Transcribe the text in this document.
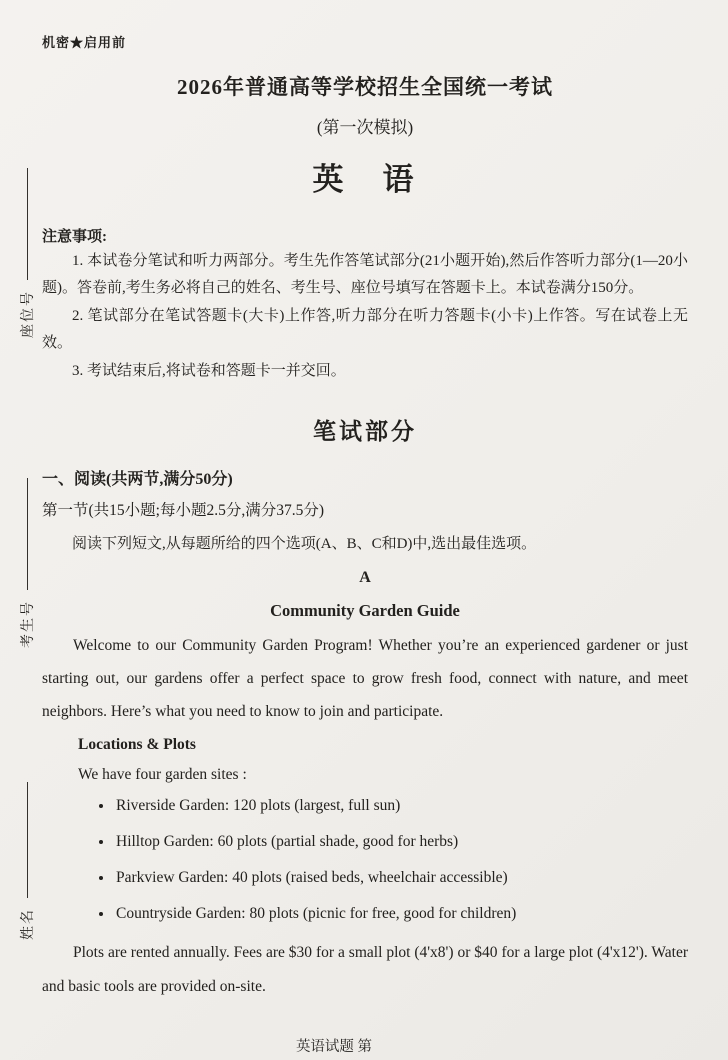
座位号
考生号
姓名
机密★启用前
2026年普通高等学校招生全国统一考试
(第一次模拟)
英　语
注意事项:

1. 本试卷分笔试和听力两部分。考生先作答笔试部分(21小题开始),然后作答听力部分(1—20小题)。答卷前,考生务必将自己的姓名、考生号、座位号填写在答题卡上。本试卷满分150分。

2. 笔试部分在笔试答题卡(大卡)上作答,听力部分在听力答题卡(小卡)上作答。写在试卷上无效。

3. 考试结束后,将试卷和答题卡一并交回。

笔试部分
一、阅读(共两节,满分50分)
第一节(共15小题;每小题2.5分,满分37.5分)
阅读下列短文,从每题所给的四个选项(A、B、C和D)中,选出最佳选项。
A
Community Garden Guide

Welcome to our Community Garden Program! Whether you’re an experienced gardener or just starting out, our gardens offer a perfect space to grow fresh food, connect with nature, and meet neighbors. Here’s what you need to know to join and participate.

Locations & Plots
We have four garden sites :
• Riverside Garden: 120 plots (largest, full sun)
• Hilltop Garden: 60 plots (partial shade, good for herbs)
• Parkview Garden: 40 plots (raised beds, wheelchair accessible)
• Countryside Garden: 80 plots (picnic for free, good for children)

Plots are rented annually. Fees are $30 for a small plot (4'x8') or $40 for a large plot (4'x12'). Water and basic tools are provided on-site.

英语试题 第
